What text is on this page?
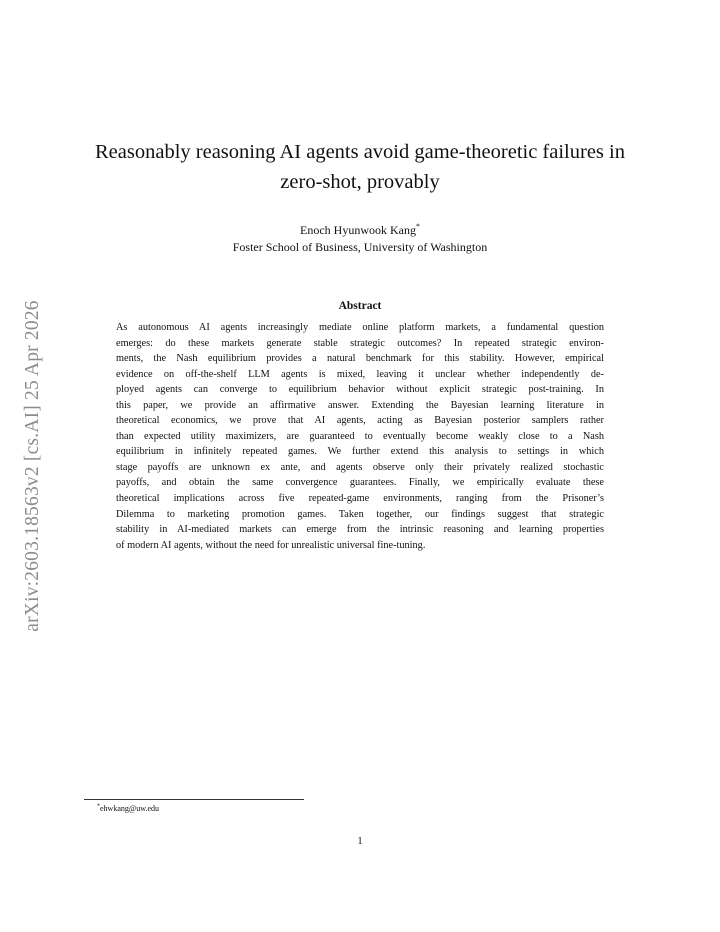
arXiv:2603.18563v2 [cs.AI] 25 Apr 2026
Reasonably reasoning AI agents avoid game-theoretic failures in
zero-shot, provably
Enoch Hyunwook Kang*
Foster School of Business, University of Washington
Abstract
As autonomous AI agents increasingly mediate online platform markets, a fundamental question
emerges: do these markets generate stable strategic outcomes? In repeated strategic environ-
ments, the Nash equilibrium provides a natural benchmark for this stability. However, empirical
evidence on off-the-shelf LLM agents is mixed, leaving it unclear whether independently de-
ployed agents can converge to equilibrium behavior without explicit strategic post-training. In
this paper, we provide an affirmative answer. Extending the Bayesian learning literature in
theoretical economics, we prove that AI agents, acting as Bayesian posterior samplers rather
than expected utility maximizers, are guaranteed to eventually become weakly close to a Nash
equilibrium in infinitely repeated games. We further extend this analysis to settings in which
stage payoffs are unknown ex ante, and agents observe only their privately realized stochastic
payoffs, and obtain the same convergence guarantees. Finally, we empirically evaluate these
theoretical implications across five repeated-game environments, ranging from the Prisoner’s
Dilemma to marketing promotion games. Taken together, our findings suggest that strategic
stability in AI-mediated markets can emerge from the intrinsic reasoning and learning properties
of modern AI agents, without the need for unrealistic universal fine-tuning.
*ehwkang@uw.edu
1
